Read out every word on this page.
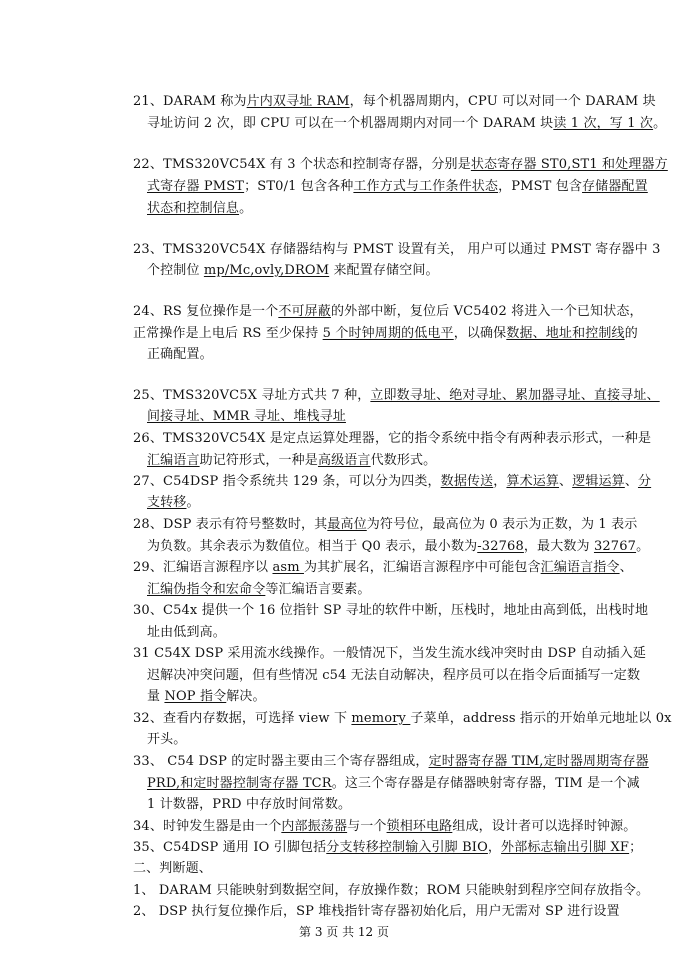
21、DARAM 称为片内双寻址 RAM，每个机器周期内，CPU 可以对同一个 DARAM 块
寻址访问 2 次，即 CPU 可以在一个机器周期内对同一个 DARAM 块读 1 次，写 1 次。
22、TMS320VC54X 有 3 个状态和控制寄存器，分别是状态寄存器 ST0,ST1 和处理器方
式寄存器 PMST；ST0/1 包含各种工作方式与工作条件状态，PMST 包含存储器配置
状态和控制信息。
23、TMS320VC54X 存储器结构与 PMST 设置有关， 用户可以通过 PMST 寄存器中 3
个控制位 mp/Mc,ovly,DROM 来配置存储空间。
24、RS 复位操作是一个不可屏蔽的外部中断，复位后 VC5402 将进入一个已知状态，
正常操作是上电后 RS 至少保持 5 个时钟周期的低电平，以确保数据、地址和控制线的
正确配置。
25、TMS320VC5X 寻址方式共 7 种，立即数寻址、绝对寻址、累加器寻址、直接寻址、
间接寻址、MMR 寻址、堆栈寻址
26、TMS320VC54X 是定点运算处理器，它的指令系统中指令有两种表示形式，一种是
汇编语言助记符形式，一种是高级语言代数形式。
27、C54DSP 指令系统共 129 条，可以分为四类，数据传送，算术运算、逻辑运算、分
支转移。
28、DSP 表示有符号整数时，其最高位为符号位，最高位为 0 表示为正数，为 1 表示
为负数。其余表示为数值位。相当于 Q0 表示，最小数为-32768，最大数为 32767。
29、汇编语言源程序以 asm 为其扩展名，汇编语言源程序中可能包含汇编语言指令、
汇编伪指令和宏命令等汇编语言要素。
30、C54x 提供一个 16 位指针 SP 寻址的软件中断，压栈时，地址由高到低，出栈时地
址由低到高。
31 C54X DSP 采用流水线操作。一般情况下，当发生流水线冲突时由 DSP 自动插入延
迟解决冲突问题，但有些情况 c54 无法自动解决，程序员可以在指令后面插写一定数
量 NOP 指令解决。
32、查看内存数据，可选择 view 下 memory 子菜单，address 指示的开始单元地址以 0x
开头。
33、 C54 DSP 的定时器主要由三个寄存器组成，定时器寄存器 TIM,定时器周期寄存器
PRD,和定时器控制寄存器 TCR。这三个寄存器是存储器映射寄存器，TIM 是一个减
1 计数器，PRD 中存放时间常数。
34、时钟发生器是由一个内部振荡器与一个锁相环电路组成，设计者可以选择时钟源。
35、C54DSP 通用 IO 引脚包括分支转移控制输入引脚 BIO，外部标志输出引脚 XF；
二、判断题、
1、 DARAM 只能映射到数据空间，存放操作数；ROM 只能映射到程序空间存放指令。
2、 DSP 执行复位操作后，SP 堆栈指针寄存器初始化后，用户无需对 SP 进行设置
第 3 页 共 12 页
